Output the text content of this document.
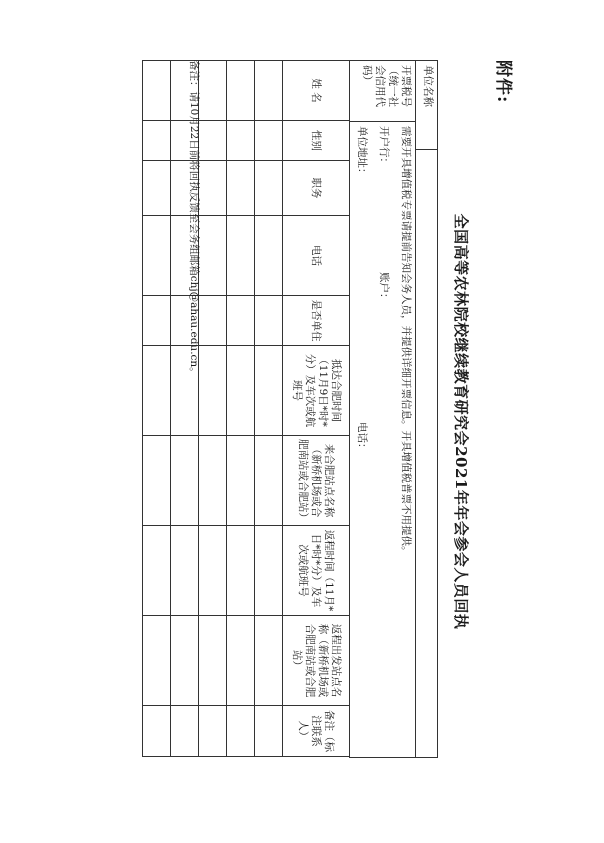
附件:
全国高等农林院校继续教育研究会2021年年会参会人员回执
单位名称
开票税号（统一社会信用代码）
需要开具增值税专票请提前告知会务人员，并提供详细开票信息。开具增值税普票不用提供。
开户行：
账户：
单位地址：
电话：
姓 名	性别	职务	电话	是否单住	抵达合肥时间（11月9日*时*分）及车次或航班号	来合肥站点名称（新桥机场或合肥南站或合肥站）	返程时间（11月*日*时*分）及车次或航班号	返程出发站点名称（新桥机场或合肥南站或合肥站）	备注（标注联系人）

备注：请10月22日前将回执反馈至会务组邮箱chj@ahau.edu.cn。
